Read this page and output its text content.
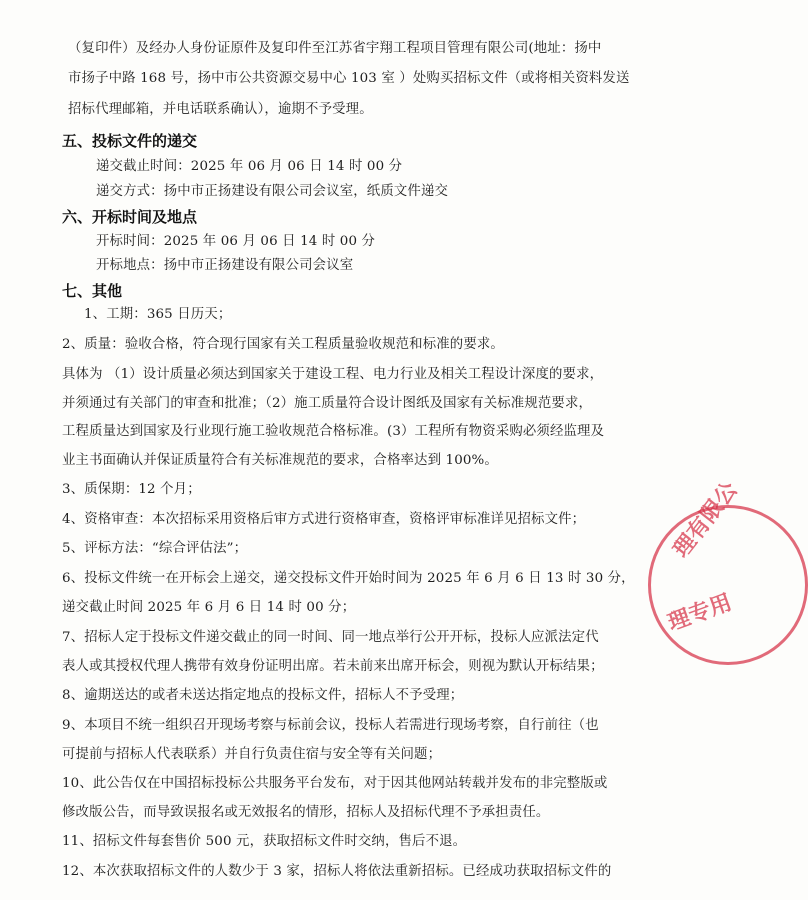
（复印件）及经办人身份证原件及复印件至江苏省宇翔工程项目管理有限公司(地址：扬中

市扬子中路 168 号，扬中市公共资源交易中心 103 室 ）处购买招标文件（或将相关资料发送

招标代理邮箱，并电话联系确认），逾期不予受理。

五、投标文件的递交

递交截止时间：2025 年 06 月 06 日 14 时 00 分

递交方式：扬中市正扬建设有限公司会议室，纸质文件递交

六、开标时间及地点

开标时间：2025 年 06 月 06 日 14 时 00 分

开标地点：扬中市正扬建设有限公司会议室

七、其他

1、工期：365 日历天；

2、质量：验收合格，符合现行国家有关工程质量验收规范和标准的要求。

具体为 （1）设计质量必须达到国家关于建设工程、电力行业及相关工程设计深度的要求，

并须通过有关部门的审查和批准；（2）施工质量符合设计图纸及国家有关标准规范要求，

工程质量达到国家及行业现行施工验收规范合格标准。(3）工程所有物资采购必须经监理及

业主书面确认并保证质量符合有关标准规范的要求，合格率达到 100%。

3、质保期：12 个月；

4、资格审查：本次招标采用资格后审方式进行资格审查，资格评审标准详见招标文件；

5、评标方法：“综合评估法”；

6、投标文件统一在开标会上递交，递交投标文件开始时间为 2025 年 6 月 6 日 13 时 30 分，

递交截止时间 2025 年 6 月 6 日 14 时 00 分；

7、招标人定于投标文件递交截止的同一时间、同一地点举行公开开标，投标人应派法定代

表人或其授权代理人携带有效身份证明出席。若未前来出席开标会，则视为默认开标结果；

8、逾期送达的或者未送达指定地点的投标文件，招标人不予受理；

9、本项目不统一组织召开现场考察与标前会议，投标人若需进行现场考察，自行前往（也

可提前与招标人代表联系）并自行负责住宿与安全等有关问题；

10、此公告仅在中国招标投标公共服务平台发布，对于因其他网站转载并发布的非完整版或

修改版公告，而导致误报名或无效报名的情形，招标人及招标代理不予承担责任。

11、招标文件每套售价 500 元，获取招标文件时交纳，售后不退。

12、本次获取招标文件的人数少于 3 家，招标人将依法重新招标。已经成功获取招标文件的

理有限公
理专用
